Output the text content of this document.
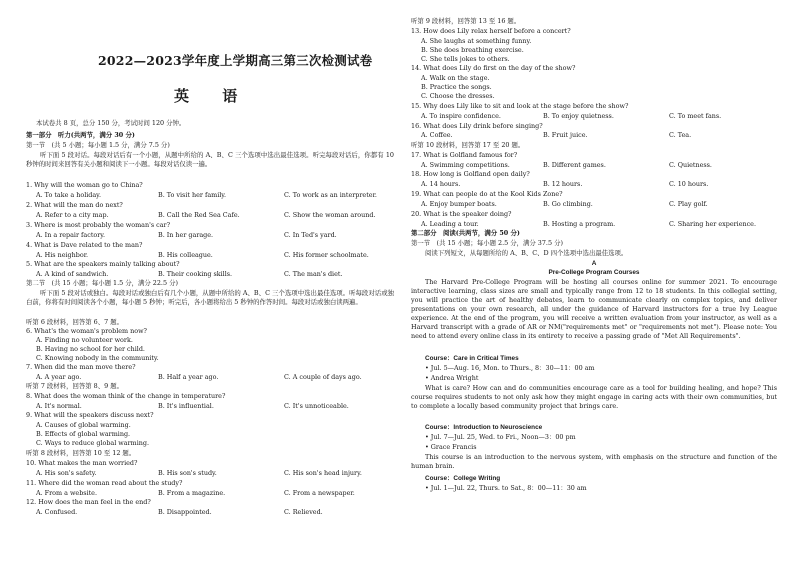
2022—2023学年度上学期高三第三次检测试卷
英 语
本试卷共 8 页，总分 150 分，考试时间 120 分钟。
第一部分　听力(共两节，满分 30 分)
第一节　(共 5 小题；每小题 1.5 分，满分 7.5 分)
听下面 5 段对话。每段对话后有一个小题，从题中所给的 A、B、C 三个选项中选出最佳选项。听完每段对话后，你都有 10 秒钟的时间来回答有关小题和阅读下一小题。每段对话仅读一遍。
1. Why will the woman go to China?
A. To take a holiday.	B. To visit her family.	C. To work as an interpreter.
2. What will the man do next?
A. Refer to a city map.	B. Call the Red Sea Cafe.	C. Show the woman around.
3. Where is most probably the woman's car?
A. In a repair factory.	B. In her garage.	C. In Ted's yard.
4. What is Dave related to the man?
A. His neighbor.	B. His colleague.	C. His former schoolmate.
5. What are the speakers mainly talking about?
A. A kind of sandwich.	B. Their cooking skills.	C. The man's diet.
第二节　(共 15 小题；每小题 1.5 分，满分 22.5 分)
听下面 5 段对话或独白。每段对话或独白后有几个小题，从题中所给的 A、B、C 三个选项中选出最佳选项。听每段对话或独白前，你将有时间阅读各个小题，每小题 5 秒钟；听完后，各小题将给出 5 秒钟的作答时间。每段对话或独白读两遍。
听第 6 段材料，回答第 6、7 题。
6. What's the woman's problem now?
A. Finding no volunteer work.
B. Having no school for her child.
C. Knowing nobody in the community.
7. When did the man move there?
A. A year ago.	B. Half a year ago.	C. A couple of days ago.
听第 7 段材料，回答第 8、9 题。
8. What does the woman think of the change in temperature?
A. It's normal.	B. It's influential.	C. It's unnoticeable.
9. What will the speakers discuss next?
A. Causes of global warming.
B. Effects of global warming.
C. Ways to reduce global warming.
听第 8 段材料，回答第 10 至 12 题。
10. What makes the man worried?
A. His son's safety.	B. His son's study.	C. His son's head injury.
11. Where did the woman read about the study?
A. From a website.	B. From a magazine.	C. From a newspaper.
12. How does the man feel in the end?
A. Confused.	B. Disappointed.	C. Relieved.
听第 9 段材料，回答第 13 至 16 题。
13. How does Lily relax herself before a concert?
A. She laughs at something funny.
B. She does breathing exercise.
C. She tells jokes to others.
14. What does Lily do first on the day of the show?
A. Walk on the stage.
B. Practice the songs.
C. Choose the dresses.
15. Why does Lily like to sit and look at the stage before the show?
A. To inspire confidence.	B. To enjoy quietness.	C. To meet fans.
16. What does Lily drink before singing?
A. Coffee.	B. Fruit juice.	C. Tea.
听第 10 段材料，回答第 17 至 20 题。
17. What is Golfland famous for?
A. Swimming competitions.	B. Different games.	C. Quietness.
18. How long is Golfland open daily?
A. 14 hours.	B. 12 hours.	C. 10 hours.
19. What can people do at the Kool Kids Zone?
A. Enjoy bumper boats.	B. Go climbing.	C. Play golf.
20. What is the speaker doing?
A. Leading a tour.	B. Hosting a program.	C. Sharing her experience.
第二部分　阅读(共两节，满分 50 分)
第一节　(共 15 小题；每小题 2.5 分，满分 37.5 分)
阅读下列短文，从每题所给的 A、B、C、D 四个选项中选出最佳选项。
A
Pre-College Program Courses
The Harvard Pre-College Program will be hosting all courses online for summer 2021. To encourage interactive learning, class sizes are small and typically range from 12 to 18 students. In this collegial setting, you will practice the art of healthy debates, learn to communicate clearly on complex topics, and deliver presentations on your own research, all under the guidance of Harvard instructors for a true Ivy League experience. At the end of the program, you will receive a written evaluation from your instructor, as well as a Harvard transcript with a grade of AR or NM("requirements met" or "requirements not met"). Please note: You need to attend every online class in its entirety to receive a passing grade of "Met All Requirements".
Course：Care in Critical Times
• Jul. 5—Aug. 16, Mon. to Thurs., 8：30—11：00 am
• Andrea Wright
What is care? How can and do communities encourage care as a tool for building healing, and hope? This course requires students to not only ask how they might engage in caring acts with their own communities, but to complete a locally based community project that brings care.
Course：Introduction to Neuroscience
• Jul. 7—Jul. 25, Wed. to Fri., Noon—3：00 pm
• Grace Francis
This course is an introduction to the nervous system, with emphasis on the structure and function of the human brain.
Course：College Writing
• Jul. 1—Jul. 22, Thurs. to Sat., 8：00—11：30 am
